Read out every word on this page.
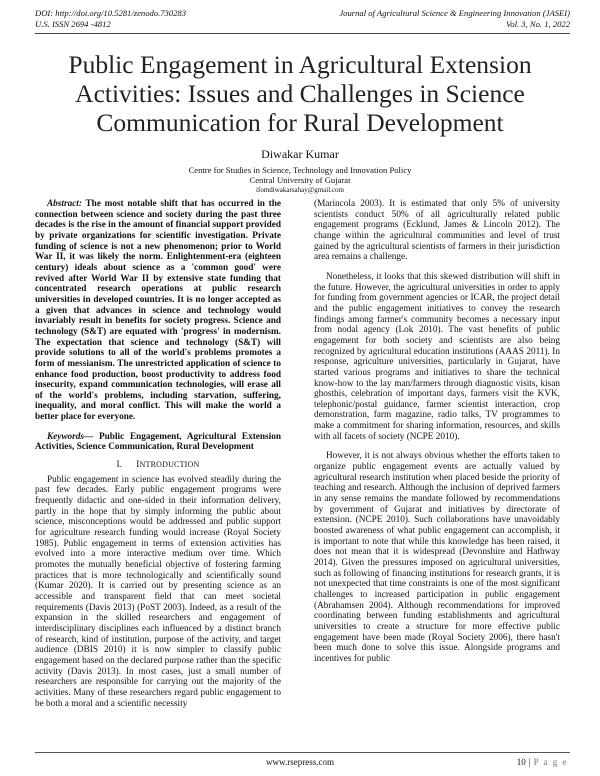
DOI: http://doi.org/10.5281/zenodo.730283
U.S. ISSN 2694 -4812
Journal of Agricultural Science & Engineering Innovation (JASEI)
Vol. 3, No. 1, 2022
Public Engagement in Agricultural Extension Activities: Issues and Challenges in Science Communication for Rural Development
Diwakar Kumar
Centre for Studies in Science, Technology and Innovation Policy
Central University of Gujarat
ifomdiwakarsahay@gmail.com

Abstract: The most notable shift that has occurred in the connection between science and society during the past three decades is the rise in the amount of financial support provided by private organizations for scientific investigation. Private funding of science is not a new phenomenon; prior to World War II, it was likely the norm. Enlightenment-era (eighteen century) ideals about science as a 'common good' were revived after World War II by extensive state funding that concentrated research operations at public research universities in developed countries. It is no longer accepted as a given that advances in science and technology would invariably result in benefits for society progress. Science and technology (S&T) are equated with 'progress' in modernism. The expectation that science and technology (S&T) will provide solutions to all of the world's problems promotes a form of messianism. The unrestricted application of science to enhance food production, boost productivity to address food insecurity, expand communication technologies, will erase all of the world's problems, including starvation, suffering, inequality, and moral conflict. This will make the world a better place for everyone.

Keywords— Public Engagement, Agricultural Extension Activities, Science Communication, Rural Development

I. INTRODUCTION

Public engagement in science has evolved steadily during the past few decades. Early public engagement programs were frequently didactic and one-sided in their information delivery, partly in the hope that by simply informing the public about science, misconceptions would be addressed and public support for agriculture research funding would increase (Royal Society 1985). Public engagement in terms of extension activities has evolved into a more interactive medium over time. Which promotes the mutually beneficial objective of fostering farming practices that is more technologically and scientifically sound (Kumar 2020). It is carried out by presenting science as an accessible and transparent field that can meet societal requirements (Davis 2013) (PoST 2003). Indeed, as a result of the expansion in the skilled researchers and engagement of interdisciplinary disciplines each influenced by a distinct branch of research, kind of institution, purpose of the activity, and target audience (DBIS 2010) it is now simpler to classify public engagement based on the declared purpose rather than the specific activity (Davis 2013). In most cases, just a small number of researchers are responsible for carrying out the majority of the activities. Many of these researchers regard public engagement to be both a moral and a scientific necessity

(Marincola 2003). It is estimated that only 5% of university scientists conduct 50% of all agriculturally related public engagement programs (Ecklund, James & Lincoln 2012). The change within the agricultural communities and level of trust gained by the agricultural scientists of farmers in their jurisdiction area remains a challenge.

Nonetheless, it looks that this skewed distribution will shift in the future. However, the agricultural universities in order to apply for funding from government agencies or ICAR, the project detail and the public engagement initiatives to convey the research findings among farmer's community becomes a necessary input from nodal agency (Lok 2010). The vast benefits of public engagement for both society and scientists are also being recognized by agricultural education institutions (AAAS 2011). In response, agriculture universities, particularly in Gujarat, have started various programs and initiatives to share the technical know-how to the lay man/farmers through diagnostic visits, kisan ghosthis, celebration of important days, farmers visit the KVK, telephonic/postal guidance, farmer scientist interaction, crop demonstration, farm magazine, radio talks, TV programmes to make a commitment for sharing information, resources, and skills with all facets of society (NCPE 2010).

However, it is not always obvious whether the efforts taken to organize public engagement events are actually valued by agricultural research institution when placed beside the priority of teaching and research. Although the inclusion of deprived farmers in any sense remains the mandate followed by recommendations by government of Gujarat and initiatives by directorate of extension. (NCPE 2010). Such collaborations have unavoidably boosted awareness of what public engagement can accomplish, it is important to note that while this knowledge has been raised, it does not mean that it is widespread (Devonshire and Hathway 2014). Given the pressures imposed on agricultural universities, such as following of financing institutions for research grants, it is not unexpected that time constraints is one of the most significant challenges to increased participation in public engagement (Abrahamsen 2004). Although recommendations for improved coordinating between funding establishments and agricultural universities to create a structure for more effective public engagement have been made (Royal Society 2006), there hasn't been much done to solve this issue. Alongside programs and incentives for public

www.rsepress.com	10 | P a g e
